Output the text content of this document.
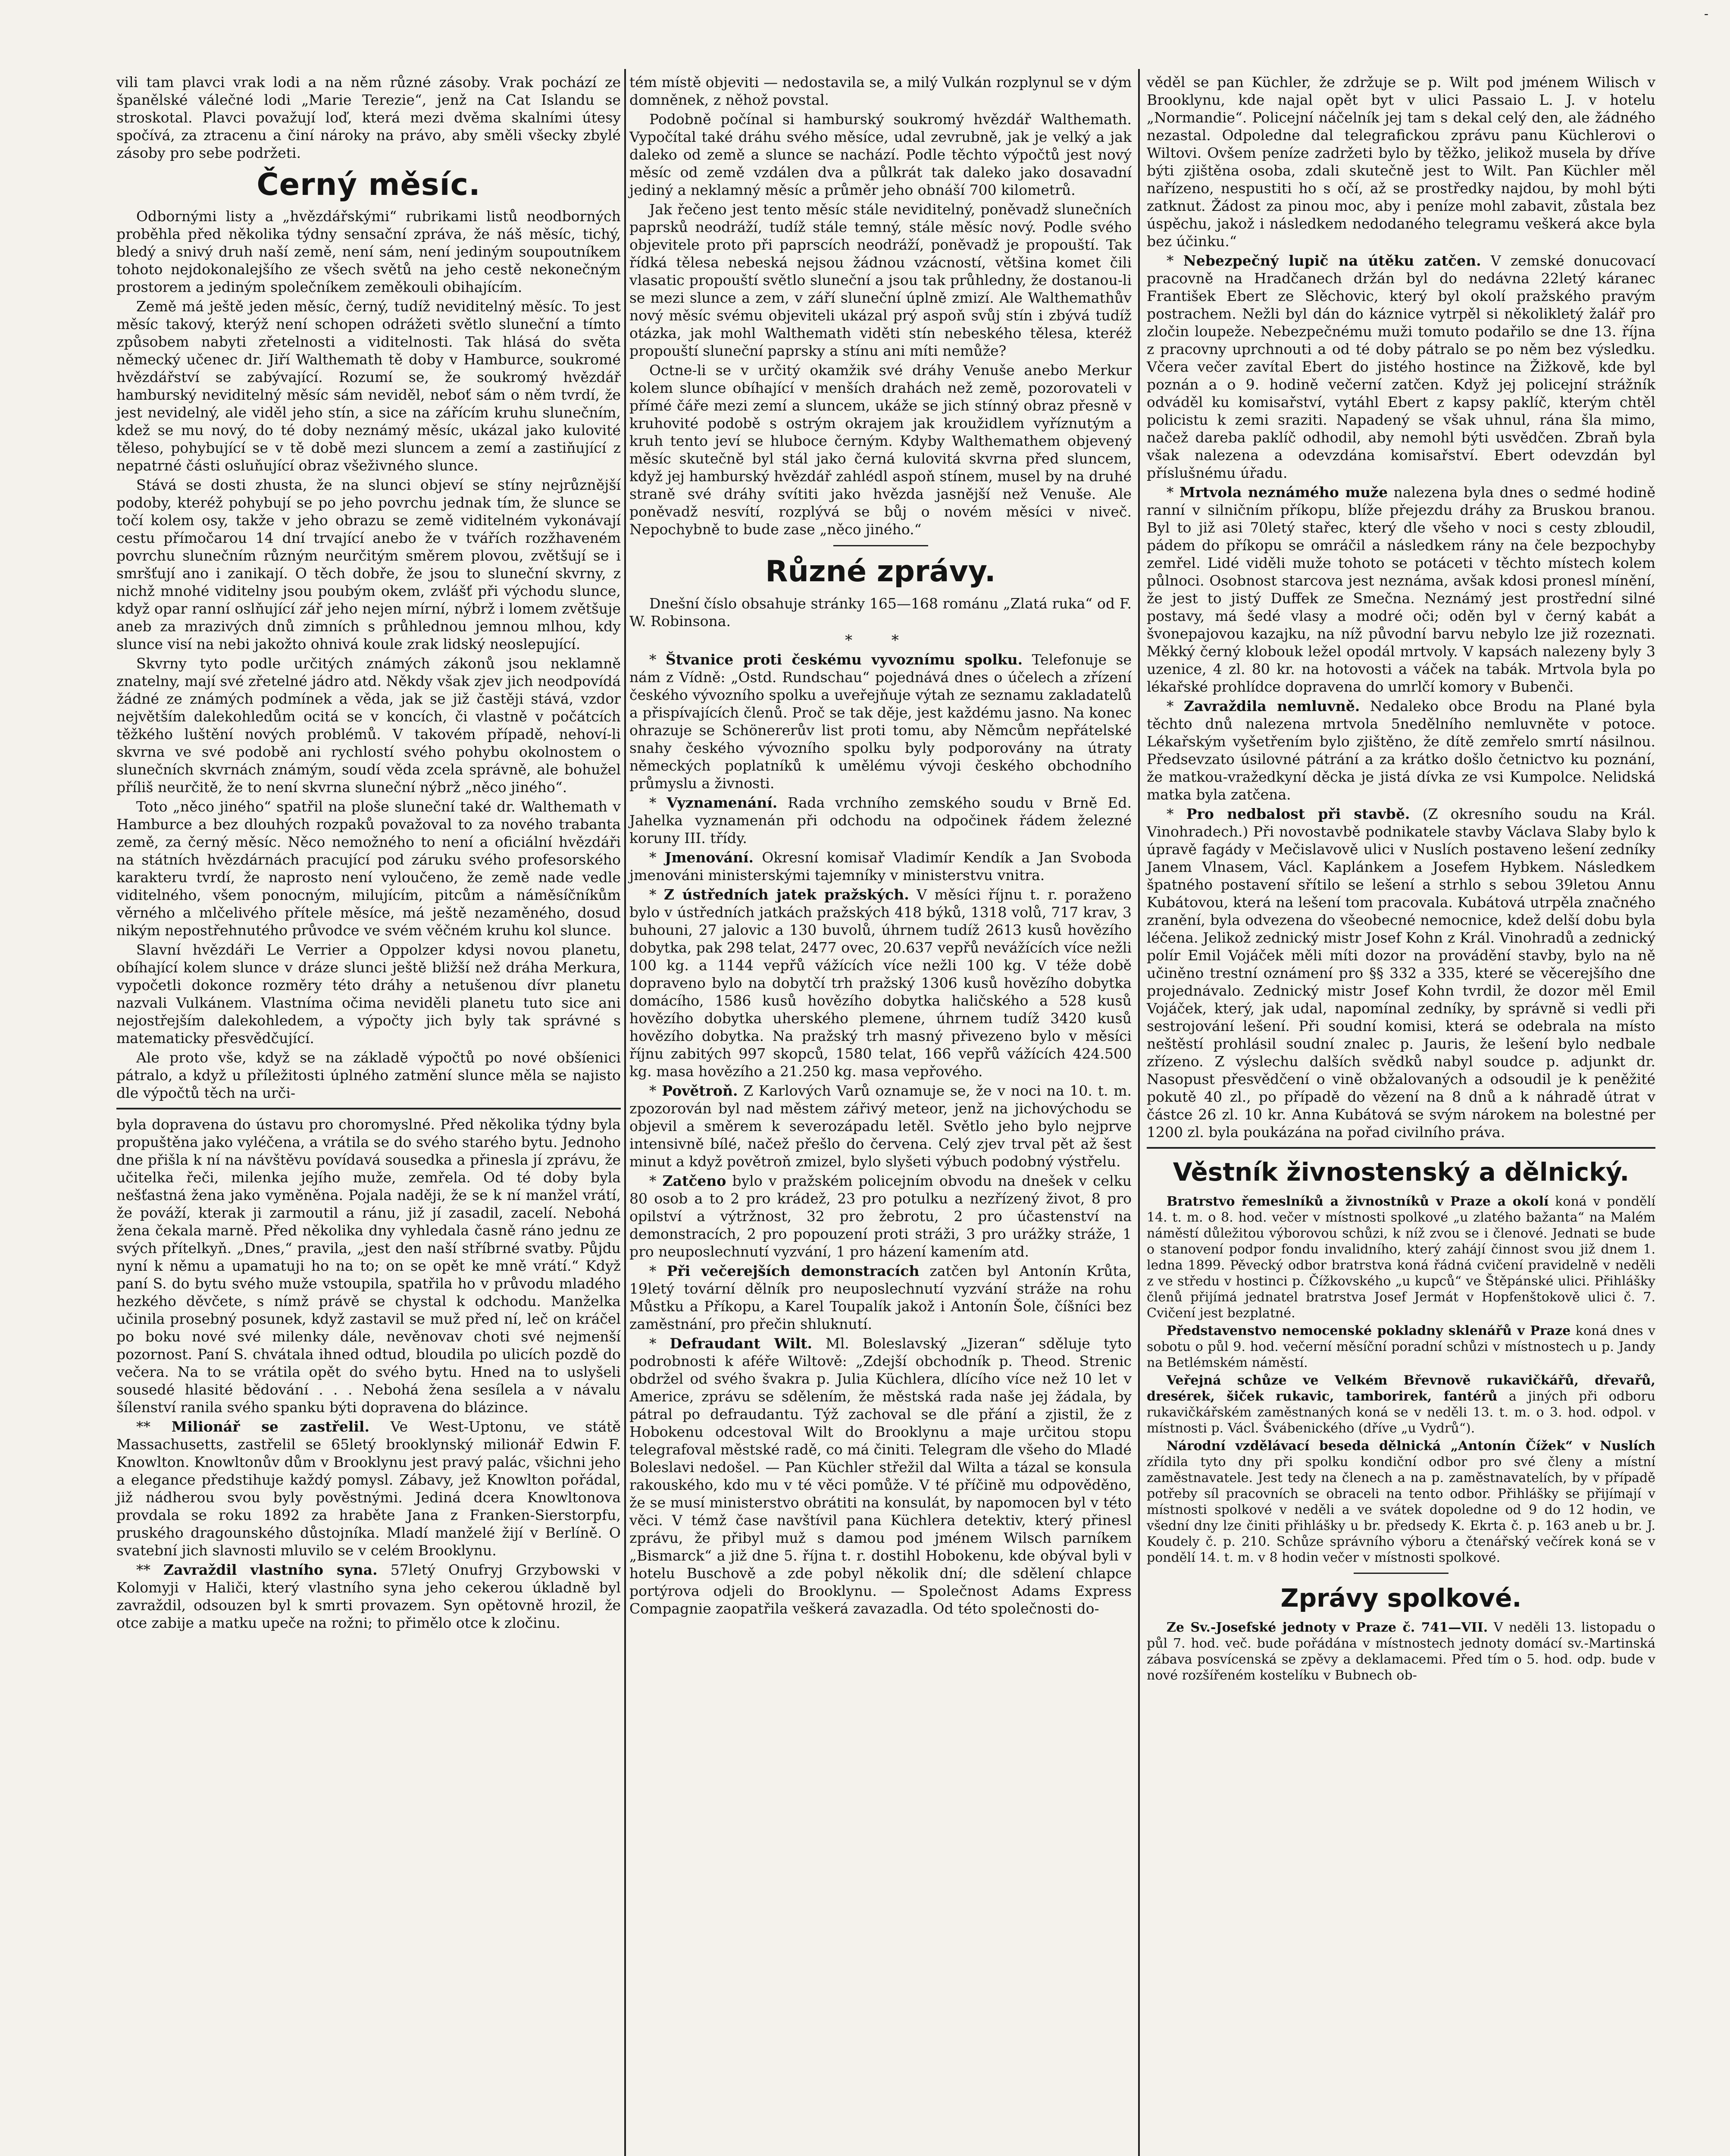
-

vili tam plavci vrak lodi a na něm různé zásoby. Vrak pochází ze španělské válečné lodi „Marie Terezie“, jenž na Cat Islandu se stroskotal. Plavci považují loď, která mezi dvěma skalními útesy spočívá, za ztracenu a činí nároky na právo, aby směli všecky zbylé zásoby pro sebe podržeti.

Černý měsíc.

Odbornými listy a „hvězdářskými“ rubrikami listů neodborných proběhla před několika týdny sensační zpráva, že náš měsíc, tichý, bledý a snivý druh naší země, není sám, není jediným soupoutníkem tohoto nejdokonalejšího ze všech světů na jeho cestě nekonečným prostorem a jediným společníkem zeměkouli obihajícím.

Země má ještě jeden měsíc, černý, tudíž neviditelný měsíc. To jest měsíc takový, kterýž není schopen odrážeti světlo sluneční a tímto způsobem nabyti zřetelnosti a viditelnosti. Tak hlásá do světa německý učenec dr. Jiří Walthemath tě doby v Hamburce, soukromé hvězdářství se zabývající. Rozumí se, že soukromý hvězdář hamburský neviditelný měsíc sám neviděl, neboť sám o něm tvrdí, že jest nevidelný, ale viděl jeho stín, a sice na zářícím kruhu slunečním, kdež se mu nový, do té doby neznámý měsíc, ukázal jako kulovité těleso, pohybující se v tě době mezi sluncem a zemí a zastiňující z nepatrné části osluňující obraz všeživného slunce.

Stává se dosti zhusta, že na slunci objeví se stíny nejrůznější podoby, kteréž pohybují se po jeho povrchu jednak tím, že slunce se točí kolem osy, takže v jeho obrazu se země viditelném vykonávají cestu přímočarou 14 dní trvající anebo že v tvářích rozžhaveném povrchu slunečním různým neurčitým směrem plovou, zvětšují se i smršťují ano i zanikají. O těch dobře, že jsou to sluneční skvrny, z nichž mnohé viditelny jsou poubým okem, zvlášť při východu slunce, když opar ranní oslňující zář jeho nejen mírní, nýbrž i lomem zvětšuje aneb za mrazivých dnů zimních s průhlednou jemnou mlhou, kdy slunce visí na nebi jakožto ohnivá koule zrak lidský neoslepující.

Skvrny tyto podle určitých známých zákonů jsou neklamně znatelny, mají své zřetelné jádro atd. Někdy však zjev jich neodpovídá žádné ze známých podmínek a věda, jak se již častěji stává, vzdor největším dalekohledům ocitá se v koncích, či vlastně v počátcích těžkého luštění nových problémů. V takovém případě, nehoví-li skvrna ve své podobě ani rychlostí svého pohybu okolnostem o slunečních skvrnách známým, soudí věda zcela správně, ale bohužel příliš neurčitě, že to není skvrna sluneční nýbrž „něco jiného“.

Toto „něco jiného“ spatřil na ploše sluneční také dr. Walthemath v Hamburce a bez dlouhých rozpaků považoval to za nového trabanta země, za černý měsíc. Něco nemožného to není a oficiální hvězdáři na státních hvězdárnách pracující pod záruku svého profesorského karakteru tvrdí, že naprosto není vyloučeno, že země nade vedle viditelného, všem ponocným, milujícím, pitcům a náměsíčníkům věrného a mlčelivého přítele měsíce, má ještě nezaměného, dosud nikým nepostřehnutého průvodce ve svém věčném kruhu kol slunce.

Slavní hvězdáři Le Verrier a Oppolzer kdysi novou planetu, obíhající kolem slunce v dráze slunci ještě bližší než dráha Merkura, vypočetli dokonce rozměry této dráhy a netušenou dívr planetu nazvali Vulkánem. Vlastníma očima neviděli planetu tuto sice ani nejostřejším dalekohledem, a výpočty jich byly tak správné s matematicky přesvědčující.

Ale proto vše, když se na základě výpočtů po nové obšíenici pátralo, a když u příležitosti úplného zatmění slunce měla se najisto dle výpočtů těch na urči-

byla dopravena do ústavu pro choromyslné. Před několika týdny byla propuštěna jako vyléčena, a vrátila se do svého starého bytu. Jednoho dne přišla k ní na návštěvu povídavá sousedka a přinesla jí zprávu, že učitelka řeči, milenka jejího muže, zemřela. Od té doby byla nešťastná žena jako vyměněna. Pojala naději, že se k ní manžel vrátí, že pováží, kterak ji zarmoutil a ránu, již jí zasadil, zacelí. Nebohá žena čekala marně. Před několika dny vyhledala časně ráno jednu ze svých přítelkyň. „Dnes,“ pravila, „jest den naší stříbrné svatby. Půjdu nyní k němu a upamatuji ho na to; on se opět ke mně vrátí.“ Když paní S. do bytu svého muže vstoupila, spatřila ho v průvodu mladého hezkého děvčete, s nímž právě se chystal k odchodu. Manželka učinila prosebný posunek, když zastavil se muž před ní, leč on kráčel po boku nové své milenky dále, nevěnovav choti své nejmenší pozornost. Paní S. chvátala ihned odtud, bloudila po ulicích pozdě do večera. Na to se vrátila opět do svého bytu. Hned na to uslyšeli sousedé hlasité bědování . . . Nebohá žena sesílela a v návalu šílenství ranila svého spanku býti dopravena do blázince.

** Milionář se zastřelil. Ve West-Uptonu, ve státě Massachusetts, zastřelil se 65letý brooklynský milionář Edwin F. Knowlton. Knowltonův dům v Brooklynu jest pravý palác, všichni jeho a elegance předstihuje každý pomysl. Zábavy, jež Knowlton pořádal, již nádherou svou byly pověstnými. Jediná dcera Knowltonova provdala se roku 1892 za hraběte Jana z Franken-Sierstorpfu, pruského dragounského důstojníka. Mladí manželé žijí v Berlíně. O svatební jich slavnosti mluvilo se v celém Brooklynu.

** Zavraždil vlastního syna. 57letý Onufryj Grzybowski v Kolomyji v Haliči, který vlastního syna jeho cekerou úkladně byl zavraždil, odsouzen byl k smrti provazem. Syn opětovně hrozil, že otce zabije a matku upeče na rožni; to přimělo otce k zločinu.

tém místě objeviti — nedostavila se, a milý Vulkán rozplynul se v dým domněnek, z něhož povstal.

Podobně počínal si hamburský soukromý hvězdář Walthemath. Vypočítal také dráhu svého měsíce, udal zevrubně, jak je velký a jak daleko od země a slunce se nachází. Podle těchto výpočtů jest nový měsíc od země vzdálen dva a půlkrát tak daleko jako dosavadní jediný a neklamný měsíc a průměr jeho obnáší 700 kilometrů.

Jak řečeno jest tento měsíc stále neviditelný, poněvadž slunečních paprsků neodráží, tudíž stále temný, stále měsíc nový. Podle svého objevitele proto při paprscích neodráží, poněvadž je propouští. Tak řídká tělesa nebeská nejsou žádnou vzácností, většina komet čili vlasatic propouští světlo sluneční a jsou tak průhledny, že dostanou-li se mezi slunce a zem, v září sluneční úplně zmizí. Ale Walthemathův nový měsíc svému objeviteli ukázal prý aspoň svůj stín i zbývá tudíž otázka, jak mohl Walthemath viděti stín nebeského tělesa, kteréž propouští sluneční paprsky a stínu ani míti nemůže?

Octne-li se v určitý okamžik své dráhy Venuše anebo Merkur kolem slunce obíhající v menších drahách než země, pozorovateli v přímé čáře mezi zemí a sluncem, ukáže se jich stínný obraz přesně v kruhovité podobě s ostrým okrajem jak kroužidlem vyříznutým a kruh tento jeví se hluboce černým. Kdyby Walthemathem objevený měsíc skutečně byl stál jako černá kulovitá skvrna před sluncem, když jej hamburský hvězdář zahlédl aspoň stínem, musel by na druhé straně své dráhy svítiti jako hvězda jasnější než Venuše. Ale poněvadž nesvítí, rozplývá se bůj o novém měsíci v niveč. Nepochybně to bude zase „něco jiného.“

Různé zprávy.

Dnešní číslo obsahuje stránky 165—168 románu „Zlatá ruka“ od F. W. Robinsona.

* *

* Štvanice proti českému vyvoznímu spolku. Telefonuje se nám z Vídně: „Ostd. Rundschau“ pojednává dnes o účelech a zřízení českého vývozního spolku a uveřejňuje výtah ze seznamu zakladatelů a přispívajících členů. Proč se tak děje, jest každému jasno. Na konec ohrazuje se Schönererův list proti tomu, aby Němcům nepřátelské snahy českého vývozního spolku byly podporovány na útraty německých poplatníků k umělému vývoji českého obchodního průmyslu a živnosti.

* Vyznamenání. Rada vrchního zemského soudu v Brně Ed. Jahelka vyznamenán při odchodu na odpočinek řádem železné koruny III. třídy.

* Jmenování. Okresní komisař Vladimír Kendík a Jan Svoboda jmenováni ministerskými tajemníky v ministerstvu vnitra.

* Z ústředních jatek pražských. V měsíci říjnu t. r. poraženo bylo v ústředních jatkách pražských 418 býků, 1318 volů, 717 krav, 3 buhouni, 27 jalovic a 130 buvolů, úhrnem tudíž 2613 kusů hovězího dobytka, pak 298 telat, 2477 ovec, 20.637 vepřů nevážících více nežli 100 kg. a 1144 vepřů vážících více nežli 100 kg. V téže době dopraveno bylo na dobytčí trh pražský 1306 kusů hovězího dobytka domácího, 1586 kusů hovězího dobytka haličského a 528 kusů hovězího dobytka uherského plemene, úhrnem tudíž 3420 kusů hovězího dobytka. Na pražský trh masný přivezeno bylo v měsíci říjnu zabitých 997 skopců, 1580 telat, 166 vepřů vážících 424.500 kg. masa hovězího a 21.250 kg. masa vepřového.

* Povětroň. Z Karlových Varů oznamuje se, že v noci na 10. t. m. zpozorován byl nad městem zářivý meteor, jenž na jichovýchodu se objevil a směrem k severozápadu letěl. Světlo jeho bylo nejprve intensivně bílé, načež přešlo do červena. Celý zjev trval pět až šest minut a když povětroň zmizel, bylo slyšeti výbuch podobný výstřelu.

* Zatčeno bylo v pražském policejním obvodu na dnešek v celku 80 osob a to 2 pro krádež, 23 pro potulku a nezřízený život, 8 pro opilství a výtržnost, 32 pro žebrotu, 2 pro účastenství na demonstracích, 2 pro popouzení proti stráži, 3 pro urážky stráže, 1 pro neuposlechnutí vyzvání, 1 pro házení kamením atd.

* Při večerejších demonstracích zatčen byl Antonín Krůta, 19letý tovární dělník pro neuposlechnutí vyzvání stráže na rohu Můstku a Příkopu, a Karel Toupalík jakož i Antonín Šole, číšníci bez zaměstnání, pro přečin shluknutí.

* Defraudant Wilt. Ml. Boleslavský „Jizeran“ sděluje tyto podrobnosti k aféře Wiltově: „Zdejší obchodník p. Theod. Strenic obdržel od svého švakra p. Julia Küchlera, dlícího více než 10 let v Americe, zprávu se sdělením, že městská rada naše jej žádala, by pátral po defraudantu. Týž zachoval se dle přání a zjistil, že z Hobokenu odcestoval Wilt do Brooklynu a maje určitou stopu telegrafoval městské radě, co má činiti. Telegram dle všeho do Mladé Boleslavi nedošel. — Pan Küchler střežil dal Wilta a tázal se konsula rakouského, kdo mu v té věci pomůže. V té příčině mu odpověděno, že se musí ministerstvo obrátiti na konsulát, by napomocen byl v této věci. V témž čase navštívil pana Küchlera detektiv, který přinesl zprávu, že přibyl muž s damou pod jménem Wilsch parníkem „Bismarck“ a již dne 5. října t. r. dostihl Hobokenu, kde obýval byli v hotelu Buschově a zde pobyl několik dní; dle sdělení chlapce portýrova odjeli do Brooklynu. — Společnost Adams Express Compagnie zaopatřila veškerá zavazadla. Od této společnosti do-

věděl se pan Küchler, že zdržuje se p. Wilt pod jménem Wilisch v Brooklynu, kde najal opět byt v ulici Passaio L. J. v hotelu „Normandie“. Policejní náčelník jej tam s dekal celý den, ale žádného nezastal. Odpoledne dal telegrafickou zprávu panu Küchlerovi o Wiltovi. Ovšem peníze zadržeti bylo by těžko, jelikož musela by dříve býti zjištěna osoba, zdali skutečně jest to Wilt. Pan Küchler měl nařízeno, nespustiti ho s očí, až se prostředky najdou, by mohl býti zatknut. Žádost za pinou moc, aby i peníze mohl zabavit, zůstala bez úspěchu, jakož i následkem nedodaného telegramu veškerá akce byla bez účinku.“

* Nebezpečný lupič na útěku zatčen. V zemské donucovací pracovně na Hradčanech držán byl do nedávna 22letý káranec František Ebert ze Slěchovic, který byl okolí pražského pravým postrachem. Nežli byl dán do káznice vytrpěl si několikletý žalář pro zločin loupeže. Nebezpečnému muži tomuto podařilo se dne 13. října z pracovny uprchnouti a od té doby pátralo se po něm bez výsledku. Včera večer zavítal Ebert do jistého hostince na Žižkově, kde byl poznán a o 9. hodině večerní zatčen. Když jej policejní strážník odváděl ku komisařství, vytáhl Ebert z kapsy paklíč, kterým chtěl policistu k zemi sraziti. Napadený se však uhnul, rána šla mimo, načež dareba paklíč odhodil, aby nemohl býti usvědčen. Zbraň byla však nalezena a odevzdána komisařství. Ebert odevzdán byl příslušnému úřadu.

* Mrtvola neznámého muže nalezena byla dnes o sedmé hodině ranní v silničním příkopu, blíže přejezdu dráhy za Bruskou branou. Byl to již asi 70letý stařec, který dle všeho v noci s cesty zbloudil, pádem do příkopu se omráčil a následkem rány na čele bezpochyby zemřel. Lidé viděli muže tohoto se potáceti v těchto místech kolem půlnoci. Osobnost starcova jest neznáma, avšak kdosi pronesl mínění, že jest to jistý Duffek ze Smečna. Neznámý jest prostřední silné postavy, má šedé vlasy a modré oči; oděn byl v černý kabát a švonepajovou kazajku, na níž původní barvu nebylo lze již rozeznati. Měkký černý klobouk ležel opodál mrtvoly. V kapsách nalezeny byly 3 uzenice, 4 zl. 80 kr. na hotovosti a váček na tabák. Mrtvola byla po lékařské prohlídce dopravena do umrlčí komory v Bubenči.

* Zavraždila nemluvně. Nedaleko obce Brodu na Plané byla těchto dnů nalezena mrtvola 5nedělního nemluvněte v potoce. Lékařským vyšetřením bylo zjištěno, že dítě zemřelo smrtí násilnou. Předsevzato úsilovné pátrání a za krátko došlo četnictvo ku poznání, že matkou-vražedkyní děcka je jistá dívka ze vsi Kumpolce. Nelidská matka byla zatčena.

* Pro nedbalost při stavbě. (Z okresního soudu na Král. Vinohradech.) Při novostavbě podnikatele stavby Václava Slaby bylo k úpravě fagády v Mečislavově ulici v Nuslích postaveno lešení zedníky Janem Vlnasem, Václ. Kaplánkem a Josefem Hybkem. Následkem špatného postavení sřítilo se lešení a strhlo s sebou 39letou Annu Kubátovou, která na lešení tom pracovala. Kubátová utrpěla značného zranění, byla odvezena do všeobecné nemocnice, kdež delší dobu byla léčena. Jelikož zednický mistr Josef Kohn z Král. Vinohradů a zednický polír Emil Vojáček měli míti dozor na provádění stavby, bylo na ně učiněno trestní oznámení pro §§ 332 a 335, které se věcerejšího dne projednávalo. Zednický mistr Josef Kohn tvrdil, že dozor měl Emil Vojáček, který, jak udal, napomínal zedníky, by správně si vedli při sestrojování lešení. Při soudní komisi, která se odebrala na místo neštěstí prohlásil soudní znalec p. Jauris, že lešení bylo nedbale zřízeno. Z výslechu dalších svědků nabyl soudce p. adjunkt dr. Nasopust přesvědčení o vině obžalovaných a odsoudil je k peněžité pokutě 40 zl., po případě do vězení na 8 dnů a k náhradě útrat v částce 26 zl. 10 kr. Anna Kubátová se svým nárokem na bolestné per 1200 zl. byla poukázána na pořad civilního práva.

Věstník živnostenský a dělnický.

Bratrstvo řemeslníků a živnostníků v Praze a okolí koná v pondělí 14. t. m. o 8. hod. večer v místnosti spolkové „u zlatého bažanta“ na Malém náměstí důležitou výborovou schůzi, k níž zvou se i členové. Jednati se bude o stanovení podpor fondu invalidního, který zahájí činnost svou již dnem 1. ledna 1899. Pěvecký odbor bratrstva koná řádná cvičení pravidelně v neděli z ve středu v hostinci p. Čížkovského „u kupců“ ve Štěpánské ulici. Přihlášky členů přijímá jednatel bratrstva Josef Jermát v Hopfenštokově ulici č. 7. Cvičení jest bezplatné.

Představenstvo nemocenské pokladny sklenářů v Praze koná dnes v sobotu o půl 9. hod. večerní měsíční poradní schůzi v místnostech u p. Jandy na Betlémském náměstí.

Veřejná schůze ve Velkém Břevnově rukavičkářů, dřevařů, dresérek, šiček rukavic, tamborirek, fantérů a jiných při odboru rukavičkářském zaměstnaných koná se v neděli 13. t. m. o 3. hod. odpol. v místnosti p. Václ. Švábenického (dříve „u Vydrů“).

Národní vzdělávací beseda dělnická „Antonín Čížek“ v Nuslích zřídila tyto dny při spolku kondiční odbor pro své členy a místní zaměstnavatele. Jest tedy na členech a na p. zaměstnavatelích, by v případě potřeby síl pracovních se obraceli na tento odbor. Přihlášky se přijímají v místnosti spolkové v neděli a ve svátek dopoledne od 9 do 12 hodin, ve všední dny lze činiti přihlášky u br. předsedy K. Ekrta č. p. 163 aneb u br. J. Koudely č. p. 210. Schůze správního výboru a čtenářský večírek koná se v pondělí 14. t. m. v 8 hodin večer v místnosti spolkové.

Zprávy spolkové.

Ze Sv.-Josefské jednoty v Praze č. 741—VII. V neděli 13. listopadu o půl 7. hod. več. bude pořádána v místnostech jednoty domácí sv.-Martinská zábava posvícenská se zpěvy a deklamacemi. Před tím o 5. hod. odp. bude v nové rozšířeném kostelíku v Bubnech ob-
